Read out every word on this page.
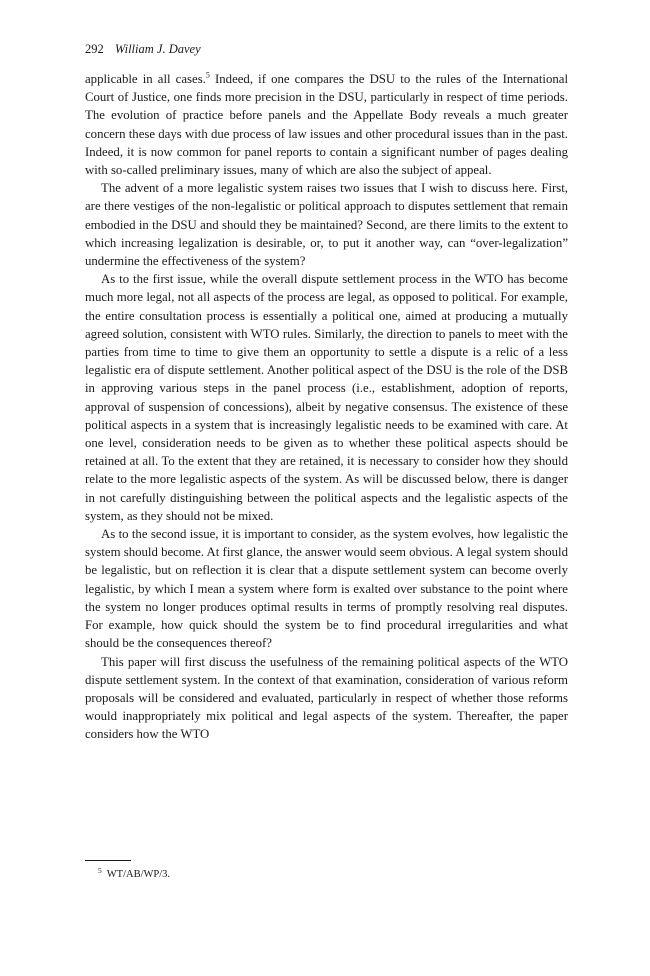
292 William J. Davey

applicable in all cases.$^5$ Indeed, if one compares the DSU to the rules of the International Court of Justice, one finds more precision in the DSU, particularly in respect of time periods. The evolution of practice before panels and the Appellate Body reveals a much greater concern these days with due process of law issues and other procedural issues than in the past. Indeed, it is now common for panel reports to contain a significant number of pages dealing with so-called preliminary issues, many of which are also the subject of appeal.

The advent of a more legalistic system raises two issues that I wish to discuss here. First, are there vestiges of the non-legalistic or political approach to disputes settlement that remain embodied in the DSU and should they be maintained? Second, are there limits to the extent to which increasing legalization is desirable, or, to put it another way, can “over-legalization” undermine the effectiveness of the system?

As to the first issue, while the overall dispute settlement process in the WTO has become much more legal, not all aspects of the process are legal, as opposed to political. For example, the entire consultation process is essentially a political one, aimed at producing a mutually agreed solution, consistent with WTO rules. Similarly, the direction to panels to meet with the parties from time to time to give them an opportunity to settle a dispute is a relic of a less legalistic era of dispute settlement. Another political aspect of the DSU is the role of the DSB in approving various steps in the panel process (i.e., establishment, adoption of reports, approval of suspension of concessions), albeit by negative consensus. The existence of these political aspects in a system that is increasingly legalistic needs to be examined with care. At one level, consideration needs to be given as to whether these political aspects should be retained at all. To the extent that they are retained, it is necessary to consider how they should relate to the more legalistic aspects of the system. As will be discussed below, there is danger in not carefully distinguishing between the political aspects and the legalistic aspects of the system, as they should not be mixed.

As to the second issue, it is important to consider, as the system evolves, how legalistic the system should become. At first glance, the answer would seem obvious. A legal system should be legalistic, but on reflection it is clear that a dispute settlement system can become overly legalistic, by which I mean a system where form is exalted over substance to the point where the system no longer produces optimal results in terms of promptly resolving real disputes. For example, how quick should the system be to find procedural irregularities and what should be the consequences thereof?

This paper will first discuss the usefulness of the remaining political aspects of the WTO dispute settlement system. In the context of that examination, consideration of various reform proposals will be considered and evaluated, particularly in respect of whether those reforms would inappropriately mix political and legal aspects of the system. Thereafter, the paper considers how the WTO

$^5$ WT/AB/WP/3.
